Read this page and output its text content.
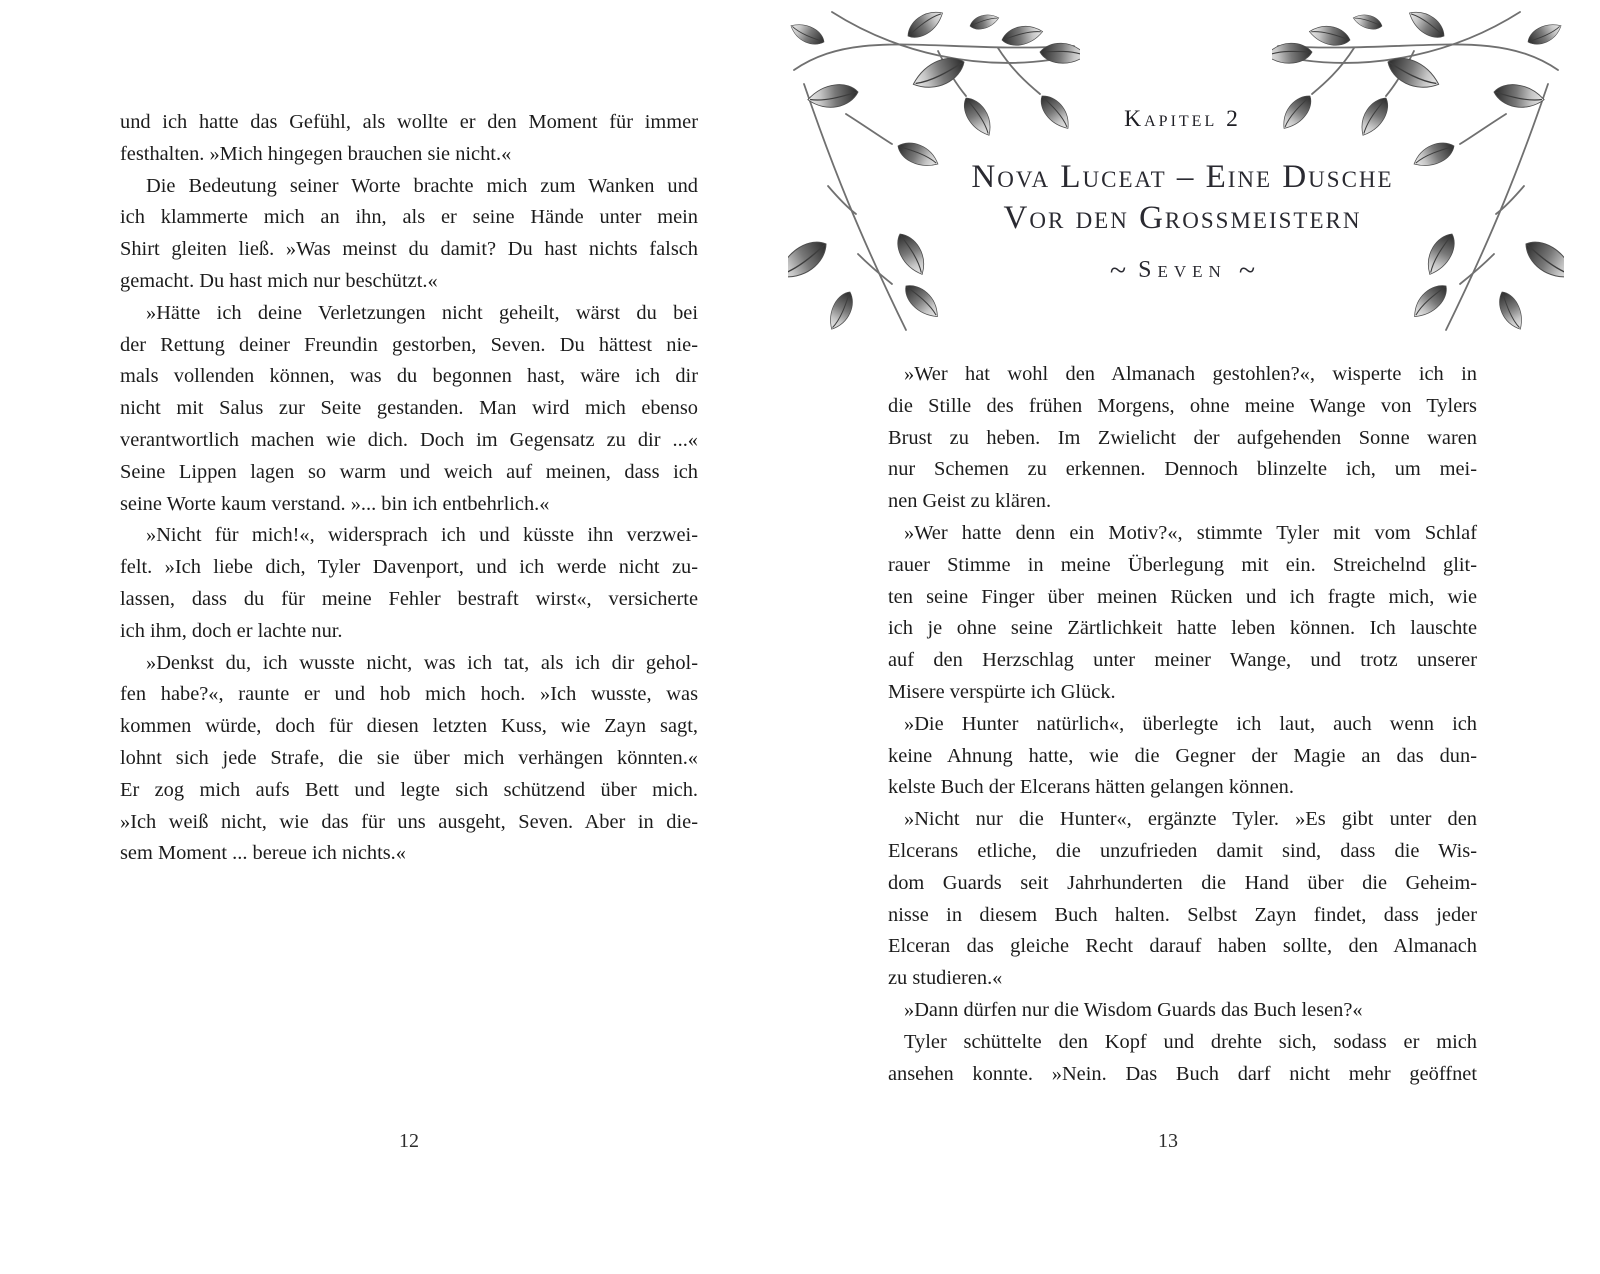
Kapitel 2
Nova Luceat – Eine Dusche
Vor den Grossmeistern
~ Seven ~
und ich hatte das Gefühl, als wollte er den Moment für immer
festhalten. »Mich hingegen brauchen sie nicht.«
Die Bedeutung seiner Worte brachte mich zum Wanken und
ich klammerte mich an ihn, als er seine Hände unter mein
Shirt gleiten ließ. »Was meinst du damit? Du hast nichts falsch
gemacht. Du hast mich nur beschützt.«
»Hätte ich deine Verletzungen nicht geheilt, wärst du bei
der Rettung deiner Freundin gestorben, Seven. Du hättest nie-
mals vollenden können, was du begonnen hast, wäre ich dir
nicht mit Salus zur Seite gestanden. Man wird mich ebenso
verantwortlich machen wie dich. Doch im Gegensatz zu dir ...«
Seine Lippen lagen so warm und weich auf meinen, dass ich
seine Worte kaum verstand. »... bin ich entbehrlich.«
»Nicht für mich!«, widersprach ich und küsste ihn verzwei-
felt. »Ich liebe dich, Tyler Davenport, und ich werde nicht zu-
lassen, dass du für meine Fehler bestraft wirst«, versicherte
ich ihm, doch er lachte nur.
»Denkst du, ich wusste nicht, was ich tat, als ich dir gehol-
fen habe?«, raunte er und hob mich hoch. »Ich wusste, was
kommen würde, doch für diesen letzten Kuss, wie Zayn sagt,
lohnt sich jede Strafe, die sie über mich verhängen könnten.«
Er zog mich aufs Bett und legte sich schützend über mich.
»Ich weiß nicht, wie das für uns ausgeht, Seven. Aber in die-
sem Moment ... bereue ich nichts.«
»Wer hat wohl den Almanach gestohlen?«, wisperte ich in
die Stille des frühen Morgens, ohne meine Wange von Tylers
Brust zu heben. Im Zwielicht der aufgehenden Sonne waren
nur Schemen zu erkennen. Dennoch blinzelte ich, um mei-
nen Geist zu klären.
»Wer hatte denn ein Motiv?«, stimmte Tyler mit vom Schlaf
rauer Stimme in meine Überlegung mit ein. Streichelnd glit-
ten seine Finger über meinen Rücken und ich fragte mich, wie
ich je ohne seine Zärtlichkeit hatte leben können. Ich lauschte
auf den Herzschlag unter meiner Wange, und trotz unserer
Misere verspürte ich Glück.
»Die Hunter natürlich«, überlegte ich laut, auch wenn ich
keine Ahnung hatte, wie die Gegner der Magie an das dun-
kelste Buch der Elcerans hätten gelangen können.
»Nicht nur die Hunter«, ergänzte Tyler. »Es gibt unter den
Elcerans etliche, die unzufrieden damit sind, dass die Wis-
dom Guards seit Jahrhunderten die Hand über die Geheim-
nisse in diesem Buch halten. Selbst Zayn findet, dass jeder
Elceran das gleiche Recht darauf haben sollte, den Almanach
zu studieren.«
»Dann dürfen nur die Wisdom Guards das Buch lesen?«
Tyler schüttelte den Kopf und drehte sich, sodass er mich
ansehen konnte. »Nein. Das Buch darf nicht mehr geöffnet
12	13
